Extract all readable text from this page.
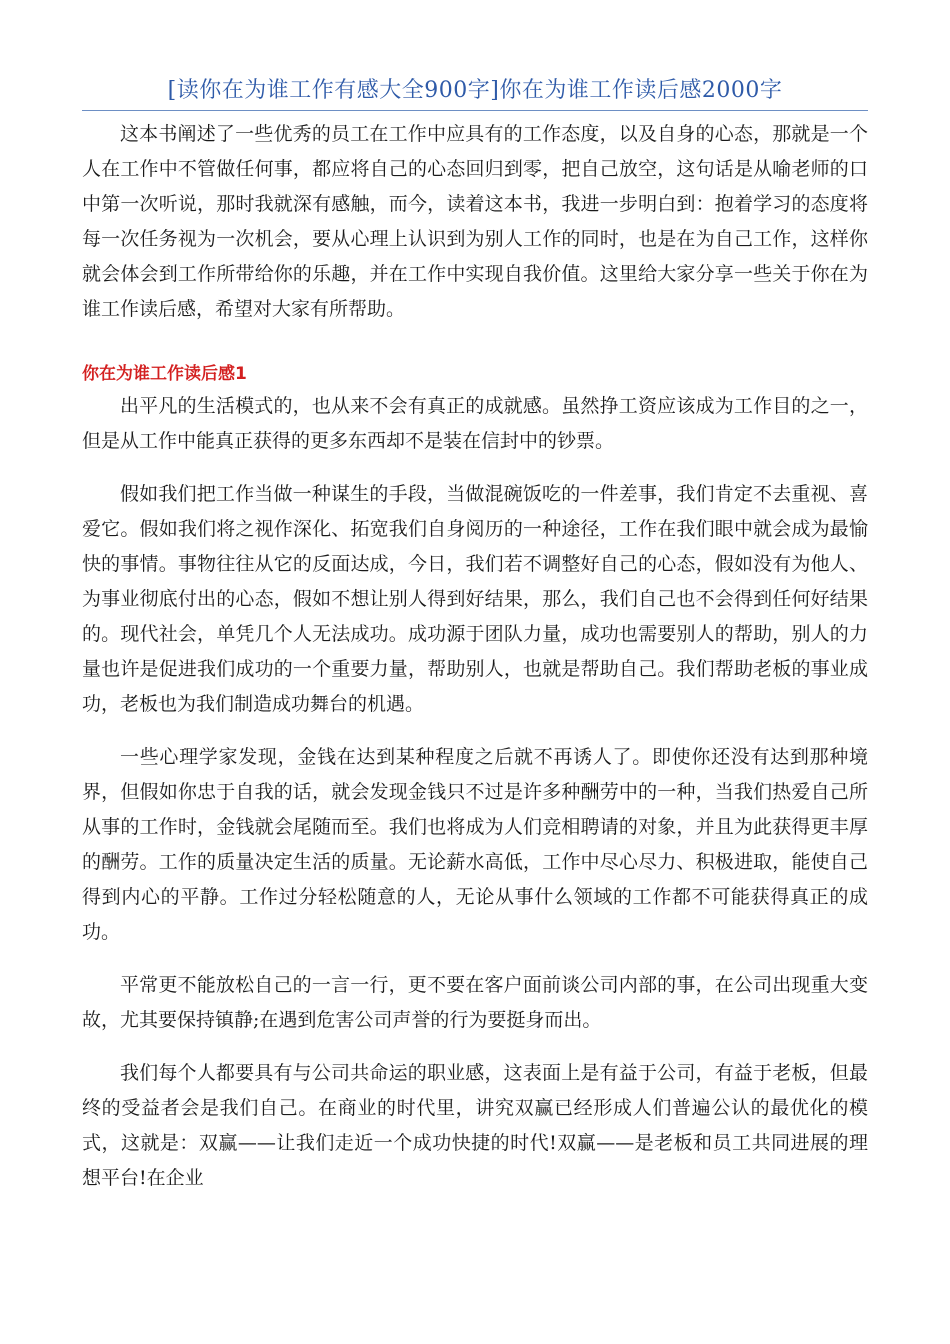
[读你在为谁工作有感大全900字]你在为谁工作读后感2000字

这本书阐述了一些优秀的员工在工作中应具有的工作态度，以及自身的心态，那就是一个人在工作中不管做任何事，都应将自己的心态回归到零，把自己放空，这句话是从喻老师的口中第一次听说，那时我就深有感触，而今，读着这本书，我进一步明白到：抱着学习的态度将每一次任务视为一次机会，要从心理上认识到为别人工作的同时，也是在为自己工作，这样你就会体会到工作所带给你的乐趣，并在工作中实现自我价值。这里给大家分享一些关于你在为谁工作读后感，希望对大家有所帮助。

你在为谁工作读后感1

出平凡的生活模式的，也从来不会有真正的成就感。虽然挣工资应该成为工作目的之一，但是从工作中能真正获得的更多东西却不是装在信封中的钞票。

假如我们把工作当做一种谋生的手段，当做混碗饭吃的一件差事，我们肯定不去重视、喜爱它。假如我们将之视作深化、拓宽我们自身阅历的一种途径，工作在我们眼中就会成为最愉快的事情。事物往往从它的反面达成，今日，我们若不调整好自己的心态，假如没有为他人、为事业彻底付出的心态，假如不想让别人得到好结果，那么，我们自己也不会得到任何好结果的。现代社会，单凭几个人无法成功。成功源于团队力量，成功也需要别人的帮助，别人的力量也许是促进我们成功的一个重要力量，帮助别人，也就是帮助自己。我们帮助老板的事业成功，老板也为我们制造成功舞台的机遇。

一些心理学家发现，金钱在达到某种程度之后就不再诱人了。即使你还没有达到那种境界，但假如你忠于自我的话，就会发现金钱只不过是许多种酬劳中的一种，当我们热爱自己所从事的工作时，金钱就会尾随而至。我们也将成为人们竞相聘请的对象，并且为此获得更丰厚的酬劳。工作的质量决定生活的质量。无论薪水高低，工作中尽心尽力、积极进取，能使自己得到内心的平静。工作过分轻松随意的人，无论从事什么领域的工作都不可能获得真正的成功。

平常更不能放松自己的一言一行，更不要在客户面前谈公司内部的事，在公司出现重大变故，尤其要保持镇静;在遇到危害公司声誉的行为要挺身而出。

我们每个人都要具有与公司共命运的职业感，这表面上是有益于公司，有益于老板，但最终的受益者会是我们自己。在商业的时代里，讲究双赢已经形成人们普遍公认的最优化的模式，这就是：双赢——让我们走近一个成功快捷的时代!双赢——是老板和员工共同进展的理想平台!在企业
